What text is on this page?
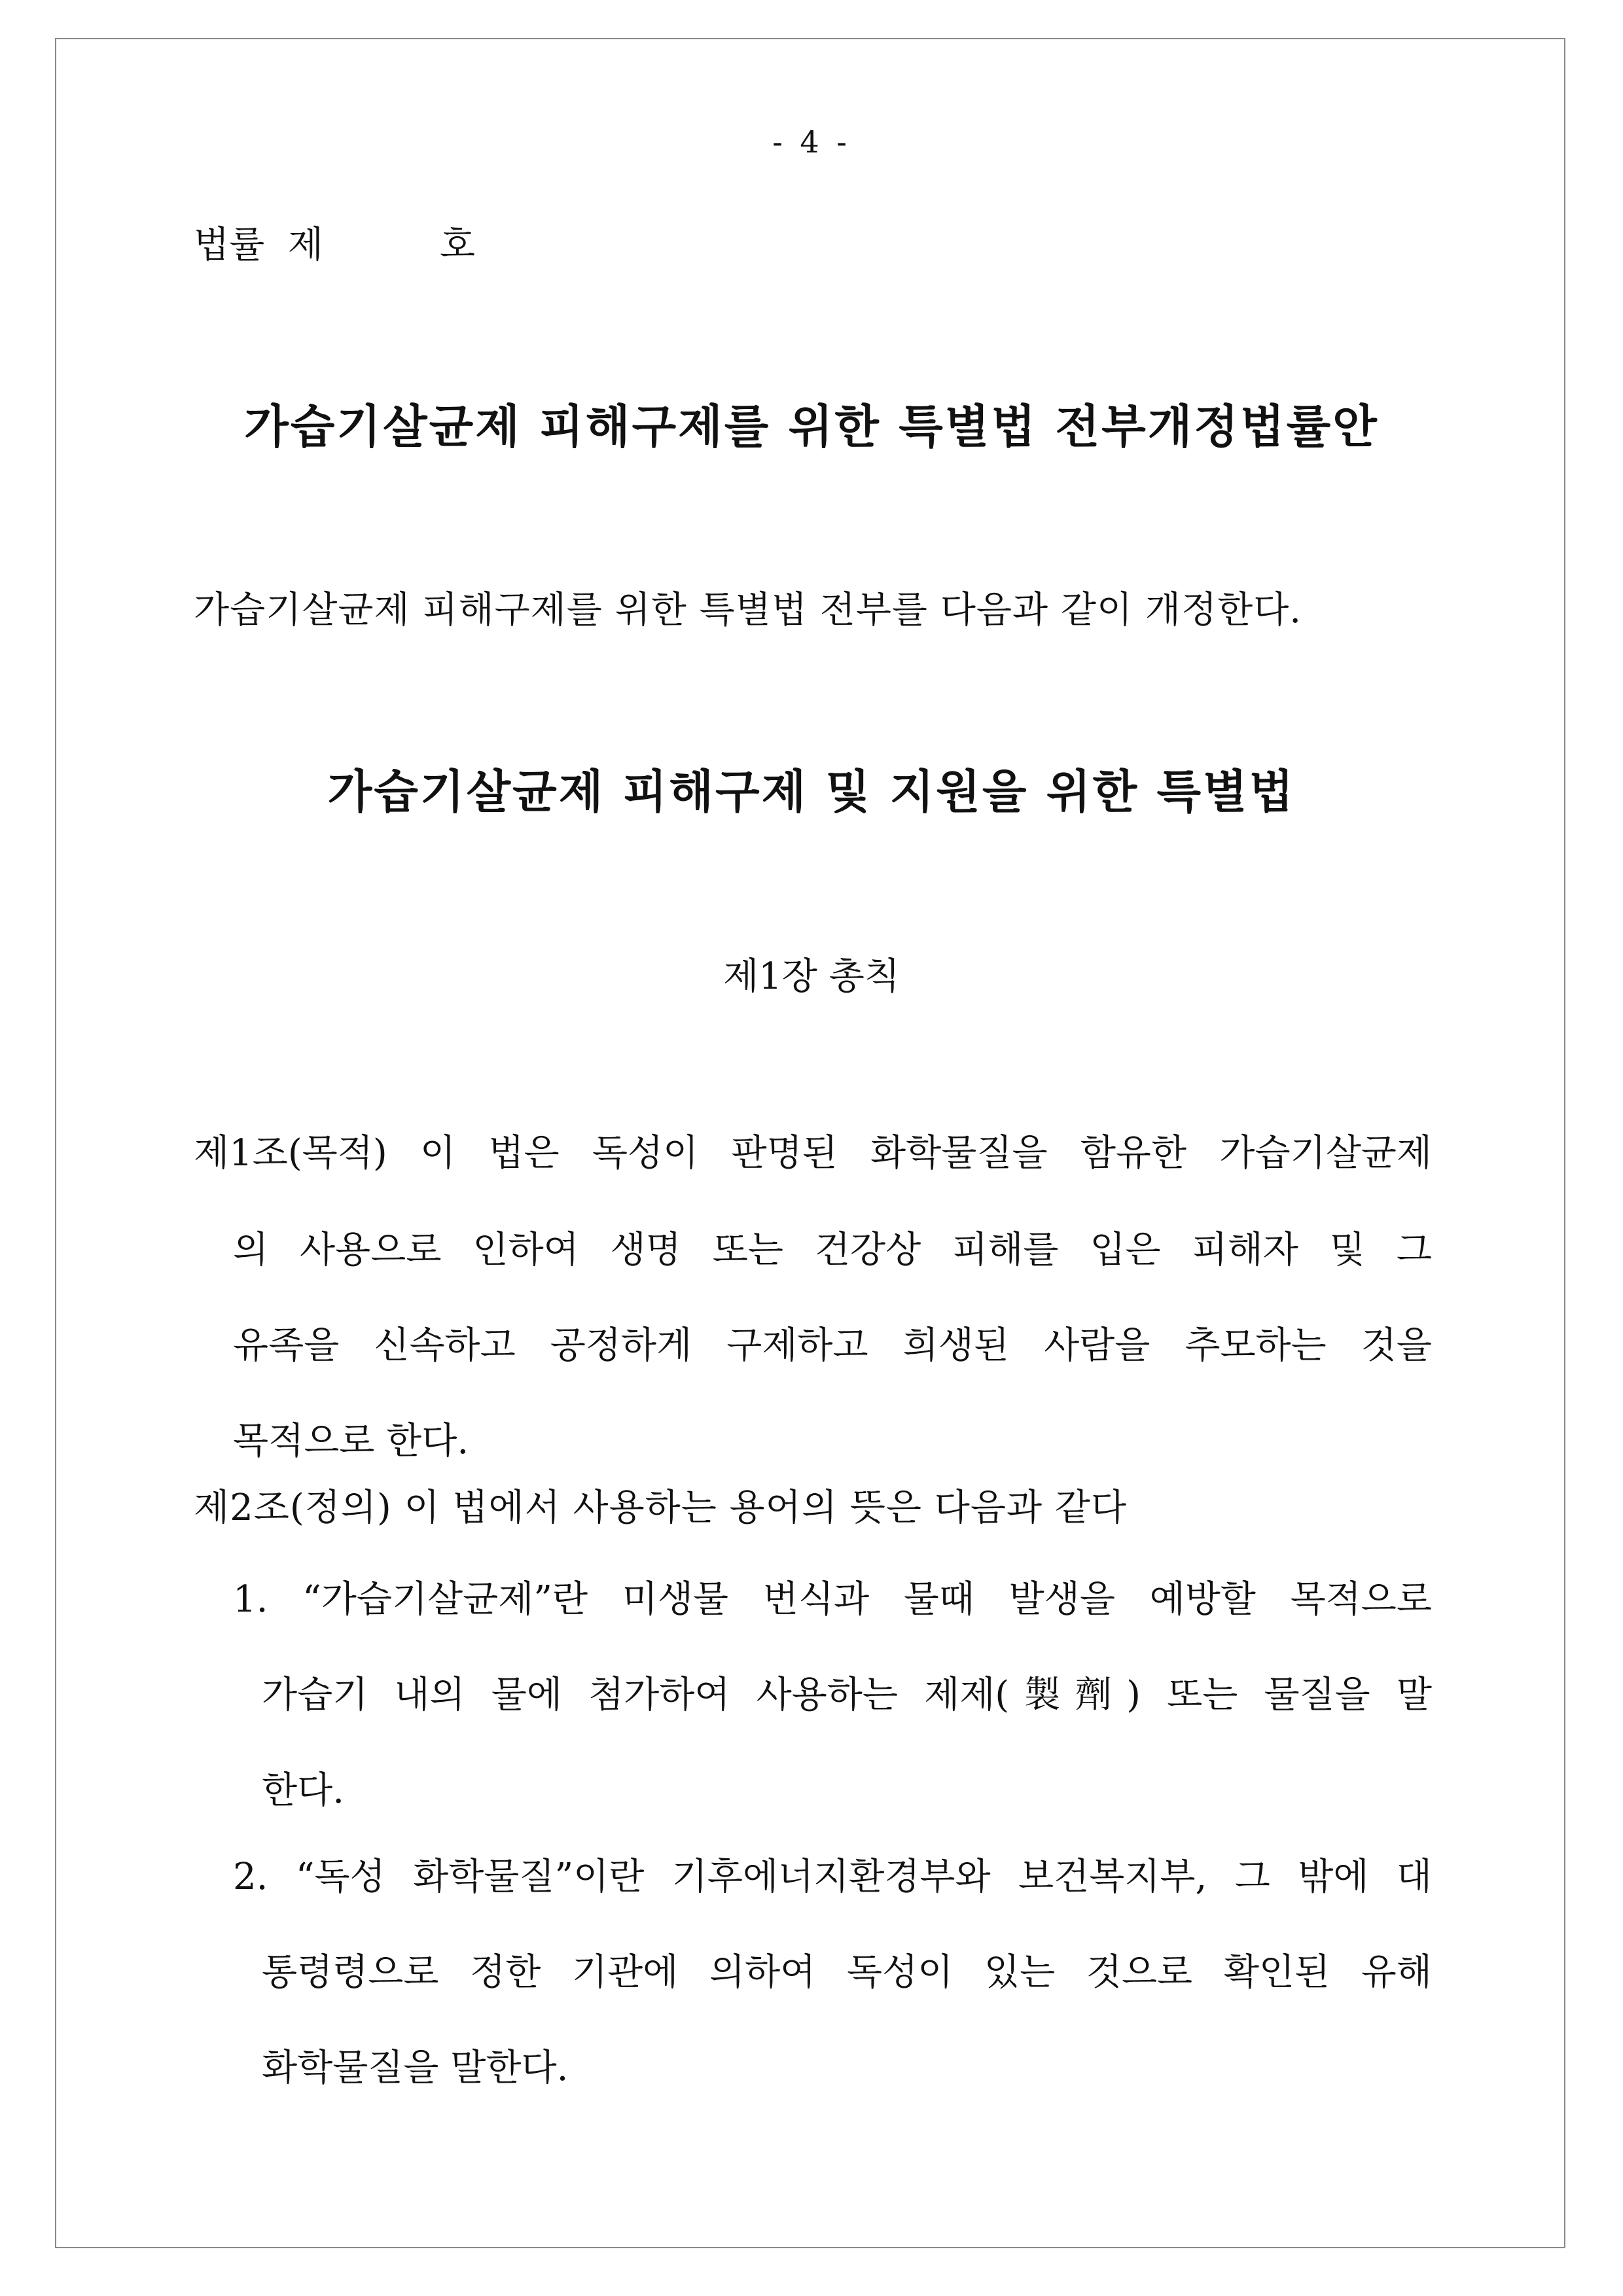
- 4 -
법률  제          호
가습기살균제 피해구제를 위한 특별법 전부개정법률안
가습기살균제 피해구제를 위한 특별법 전부를 다음과 같이 개정한다.
가습기살균제 피해구제 및 지원을 위한 특별법
제1장 총칙
제1조(목적) 이 법은 독성이 판명된 화학물질을 함유한 가습기살균제
의 사용으로 인하여 생명 또는 건강상 피해를 입은 피해자 및 그
유족을 신속하고 공정하게 구제하고 희생된 사람을 추모하는 것을
목적으로 한다.
제2조(정의) 이 법에서 사용하는 용어의 뜻은 다음과 같다
1. “가습기살균제”란 미생물 번식과 물때 발생을 예방할 목적으로
가습기 내의 물에 첨가하여 사용하는 제제(製劑) 또는 물질을 말
한다.
2. “독성 화학물질”이란 기후에너지환경부와 보건복지부, 그 밖에 대
통령령으로 정한 기관에 의하여 독성이 있는 것으로 확인된 유해
화학물질을 말한다.
